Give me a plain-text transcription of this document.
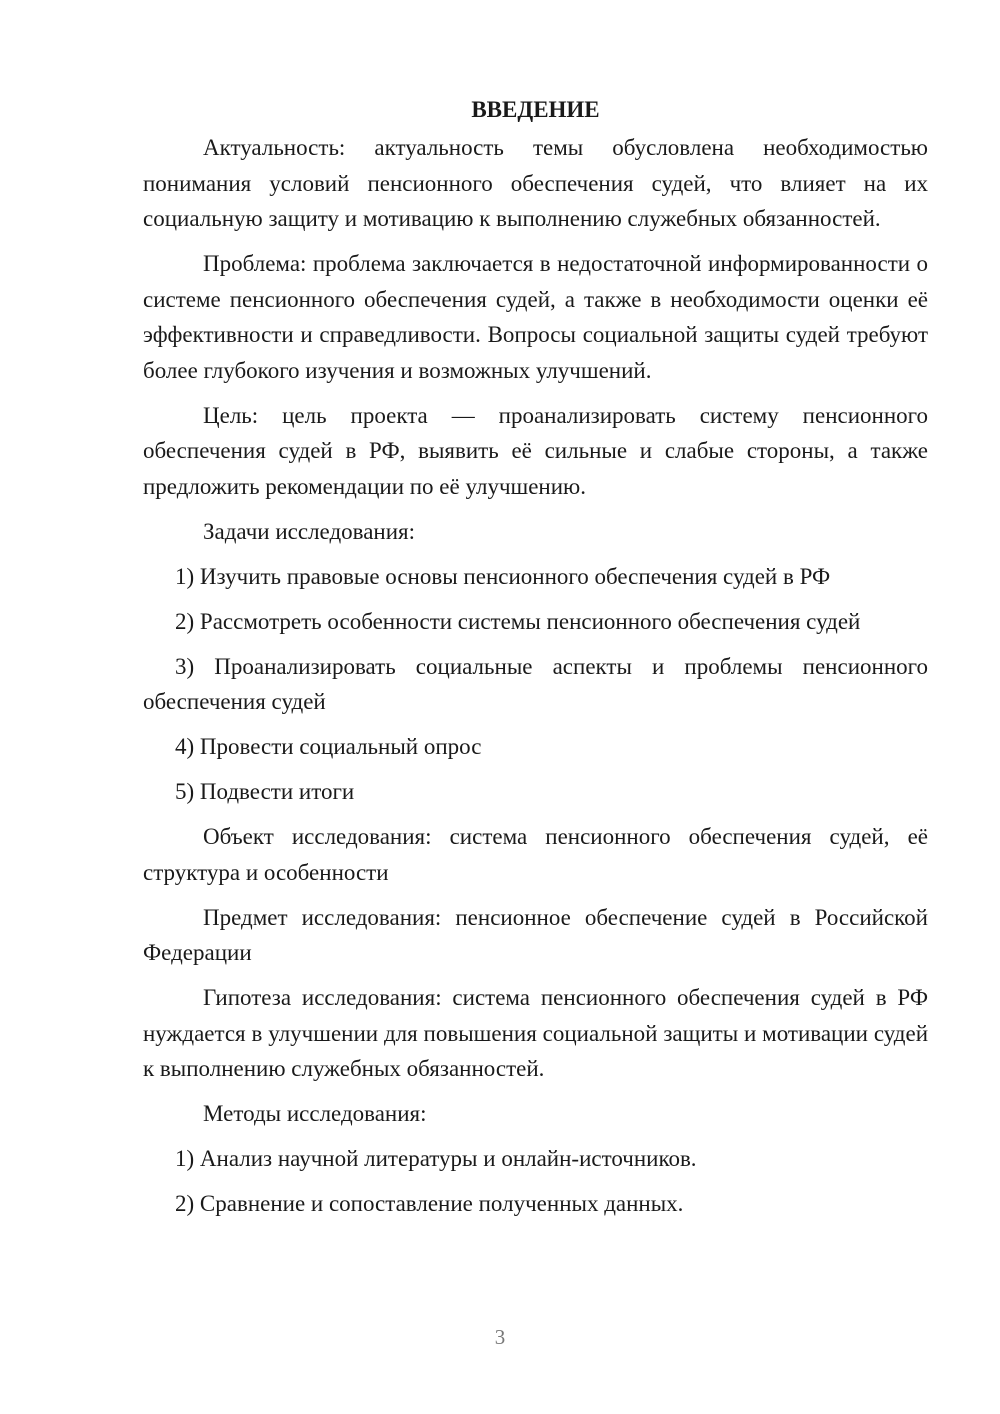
ВВЕДЕНИЕ

Актуальность: актуальность темы обусловлена необходимостью понимания условий пенсионного обеспечения судей, что влияет на их социальную защиту и мотивацию к выполнению служебных обязанностей.

Проблема: проблема заключается в недостаточной информированности о системе пенсионного обеспечения судей, а также в необходимости оценки её эффективности и справедливости. Вопросы социальной защиты судей требуют более глубокого изучения и возможных улучшений.

Цель: цель проекта — проанализировать систему пенсионного обеспечения судей в РФ, выявить её сильные и слабые стороны, а также предложить рекомендации по её улучшению.

Задачи исследования:

1) Изучить правовые основы пенсионного обеспечения судей в РФ

2) Рассмотреть особенности системы пенсионного обеспечения судей

3) Проанализировать социальные аспекты и проблемы пенсионного обеспечения судей

4) Провести социальный опрос

5) Подвести итоги

Объект исследования: система пенсионного обеспечения судей, её структура и особенности

Предмет исследования: пенсионное обеспечение судей в Российской Федерации

Гипотеза исследования: система пенсионного обеспечения судей в РФ нуждается в улучшении для повышения социальной защиты и мотивации судей к выполнению служебных обязанностей.

Методы исследования:

1) Анализ научной литературы и онлайн-источников.

2) Сравнение и сопоставление полученных данных.

3
